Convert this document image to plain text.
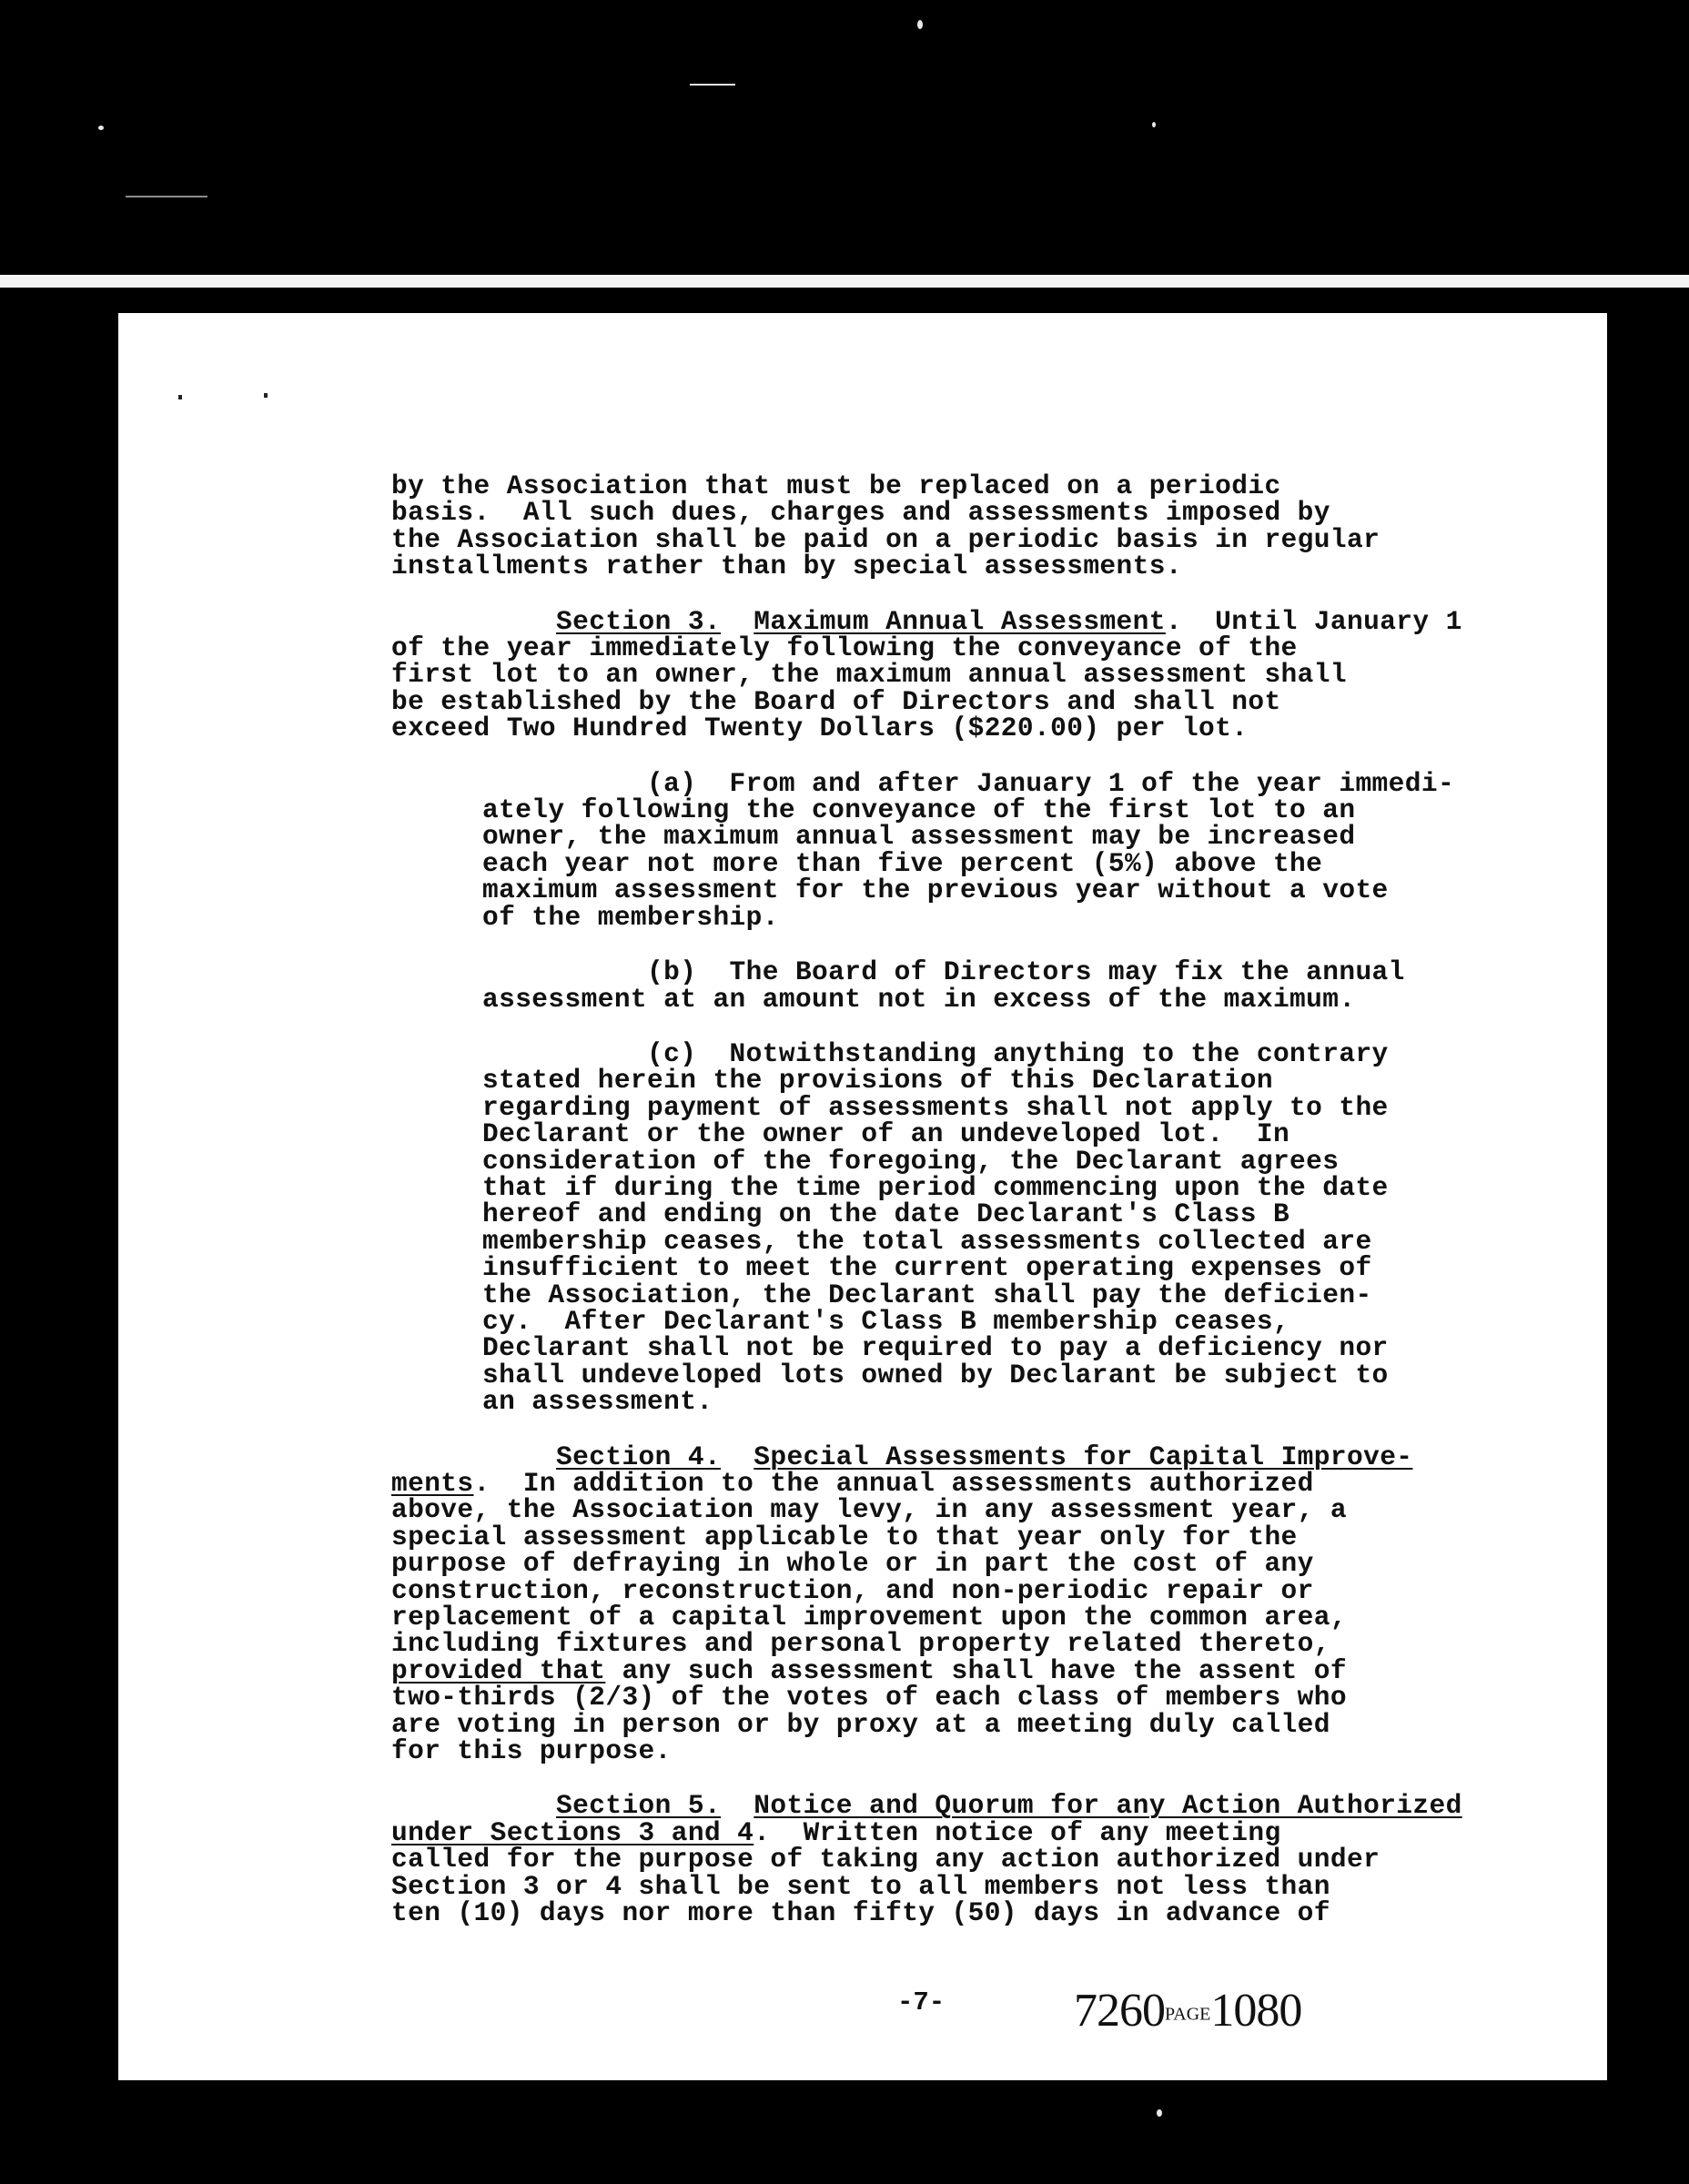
by the Association that must be replaced on a periodic
basis.  All such dues, charges and assessments imposed by
the Association shall be paid on a periodic basis in regular
installments rather than by special assessments.
Section 3. Maximum Annual Assessment.  Until January 1
of the year immediately following the conveyance of the
first lot to an owner, the maximum annual assessment shall
be established by the Board of Directors and shall not
exceed Two Hundred Twenty Dollars ($220.00) per lot.
(a)  From and after January 1 of the year immedi-
ately following the conveyance of the first lot to an
owner, the maximum annual assessment may be increased
each year not more than five percent (5%) above the
maximum assessment for the previous year without a vote
of the membership.
(b)  The Board of Directors may fix the annual
assessment at an amount not in excess of the maximum.
(c)  Notwithstanding anything to the contrary
stated herein the provisions of this Declaration
regarding payment of assessments shall not apply to the
Declarant or the owner of an undeveloped lot.  In
consideration of the foregoing, the Declarant agrees
that if during the time period commencing upon the date
hereof and ending on the date Declarant's Class B
membership ceases, the total assessments collected are
insufficient to meet the current operating expenses of
the Association, the Declarant shall pay the deficien-
cy.  After Declarant's Class B membership ceases,
Declarant shall not be required to pay a deficiency nor
shall undeveloped lots owned by Declarant be subject to
an assessment.
Section 4. Special Assessments for Capital Improve-
ments.  In addition to the annual assessments authorized
above, the Association may levy, in any assessment year, a
special assessment applicable to that year only for the
purpose of defraying in whole or in part the cost of any
construction, reconstruction, and non-periodic repair or
replacement of a capital improvement upon the common area,
including fixtures and personal property related thereto,
provided that any such assessment shall have the assent of
two-thirds (2/3) of the votes of each class of members who
are voting in person or by proxy at a meeting duly called
for this purpose.
Section 5. Notice and Quorum for any Action Authorized
under Sections 3 and 4.  Written notice of any meeting
called for the purpose of taking any action authorized under
Section 3 or 4 shall be sent to all members not less than
ten (10) days nor more than fifty (50) days in advance of
-7-	7260PAGE1080
